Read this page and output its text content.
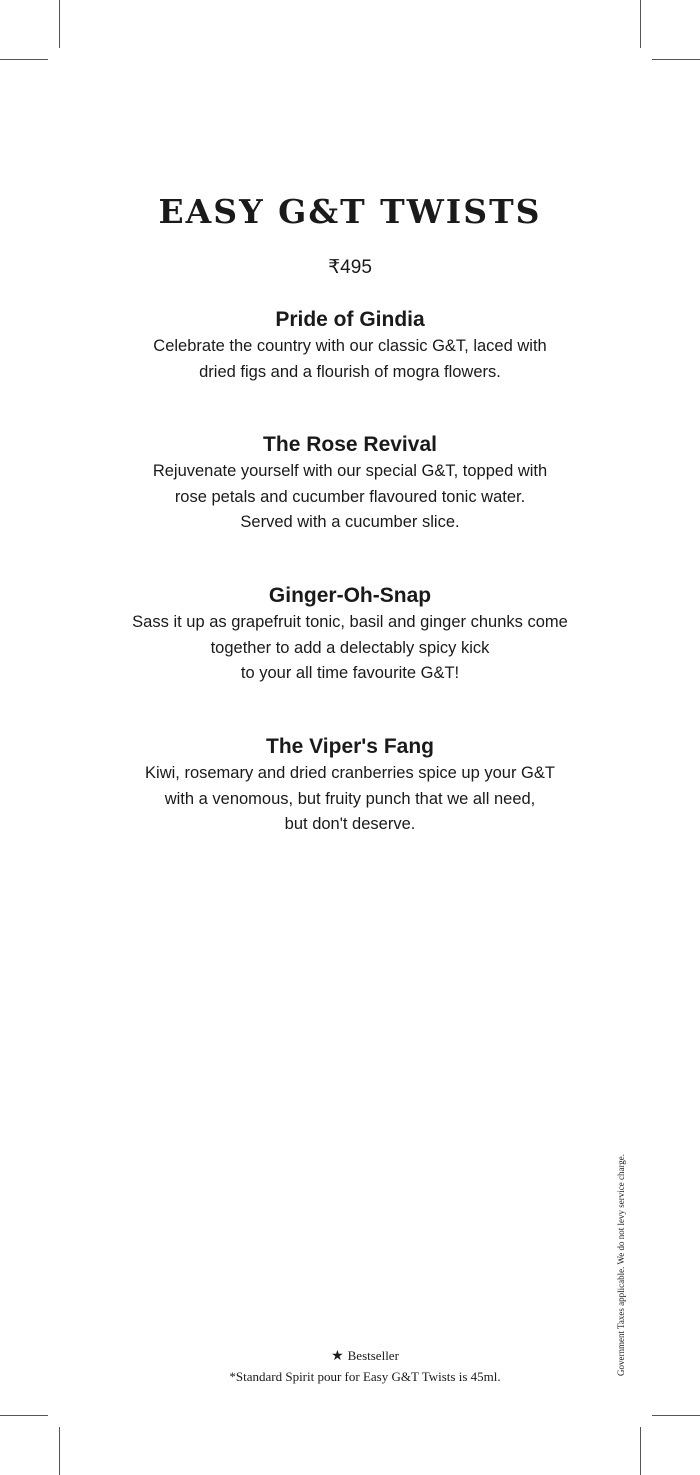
EASY G&T TWISTS
₹495
Pride of Gindia
Celebrate the country with our classic G&T, laced with
dried figs and a flourish of mogra flowers.
The Rose Revival
Rejuvenate yourself with our special G&T, topped with
rose petals and cucumber flavoured tonic water.
Served with a cucumber slice.
Ginger-Oh-Snap
Sass it up as grapefruit tonic, basil and ginger chunks come
together to add a delectably spicy kick
to your all time favourite G&T!
The Viper's Fang
Kiwi, rosemary and dried cranberries spice up your G&T
with a venomous, but fruity punch that we all need,
but don't deserve.
★ Bestseller
*Standard Spirit pour for Easy G&T Twists is 45ml.
Government Taxes applicable. We do not levy service charge.
